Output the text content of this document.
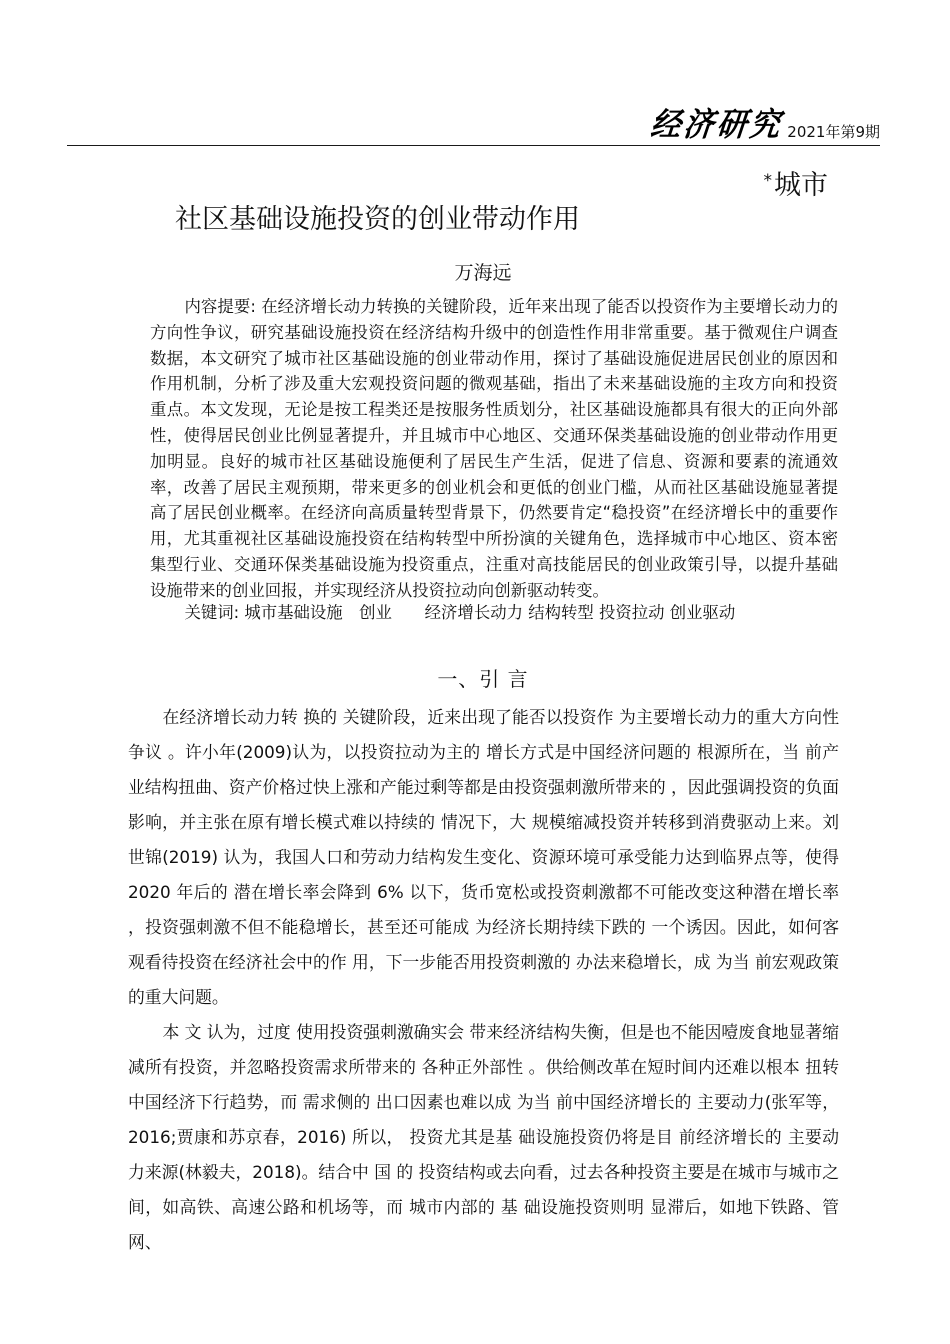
经济研究 2021年第9期
*城市
社区基础设施投资的创业带动作用
万海远
内容提要: 在经济增长动力转换的关键阶段，近年来出现了能否以投资作为主要增长动力的方向性争议，研究基础设施投资在经济结构升级中的创造性作用非常重要。基于微观住户调查数据，本文研究了城市社区基础设施的创业带动作用，探讨了基础设施促进居民创业的原因和作用机制，分析了涉及重大宏观投资问题的微观基础，指出了未来基础设施的主攻方向和投资重点。本文发现，无论是按工程类还是按服务性质划分，社区基础设施都具有很大的正向外部性，使得居民创业比例显著提升，并且城市中心地区、交通环保类基础设施的创业带动作用更加明显。良好的城市社区基础设施便利了居民生产生活，促进了信息、资源和要素的流通效率，改善了居民主观预期，带来更多的创业机会和更低的创业门槛，从而社区基础设施显著提高了居民创业概率。在经济向高质量转型背景下，仍然要肯定“稳投资”在经济增长中的重要作用，尤其重视社区基础设施投资在结构转型中所扮演的关键角色，选择城市中心地区、资本密集型行业、交通环保类基础设施为投资重点，注重对高技能居民的创业政策引导，以提升基础设施带来的创业回报，并实现经济从投资拉动向创新驱动转变。
关键词: 城市基础设施　创业　　经济增长动力 结构转型 投资拉动 创业驱动
一、引 言

在经济增长动力转 换的 关键阶段，近来出现了能否以投资作 为主要增长动力的重大方向性争议 。许小年(2009)认为，以投资拉动为主的 增长方式是中国经济问题的 根源所在，当 前产业结构扭曲、资产价格过快上涨和产能过剩等都是由投资强刺激所带来的 ，因此强调投资的负面影响，并主张在原有增长模式难以持续的 情况下，大 规模缩减投资并转移到消费驱动上来。刘世锦(2019) 认为，我国人口和劳动力结构发生变化、资源环境可承受能力达到临界点等，使得 2020 年后的 潜在增长率会降到 6% 以下，货币宽松或投资刺激都不可能改变这种潜在增长率 ，投资强刺激不但不能稳增长，甚至还可能成 为经济长期持续下跌的 一个诱因。因此，如何客观看待投资在经济社会中的作 用，下一步能否用投资刺激的 办法来稳增长，成 为当 前宏观政策的重大问题。

本 文 认为，过度 使用投资强刺激确实会 带来经济结构失衡，但是也不能因噎废食地显著缩减所有投资，并忽略投资需求所带来的 各种正外部性 。供给侧改革在短时间内还难以根本 扭转中国经济下行趋势，而 需求侧的 出口因素也难以成 为当 前中国经济增长的 主要动力(张军等，2016;贾康和苏京春，2016) 所以， 投资尤其是基 础设施投资仍将是目 前经济增长的 主要动力来源(林毅夫，2018)。结合中 国 的 投资结构或去向看，过去各种投资主要是在城市与城市之间，如高铁、高速公路和机场等，而 城市内部的 基 础设施投资则明 显滞后，如地下铁路、管网、
